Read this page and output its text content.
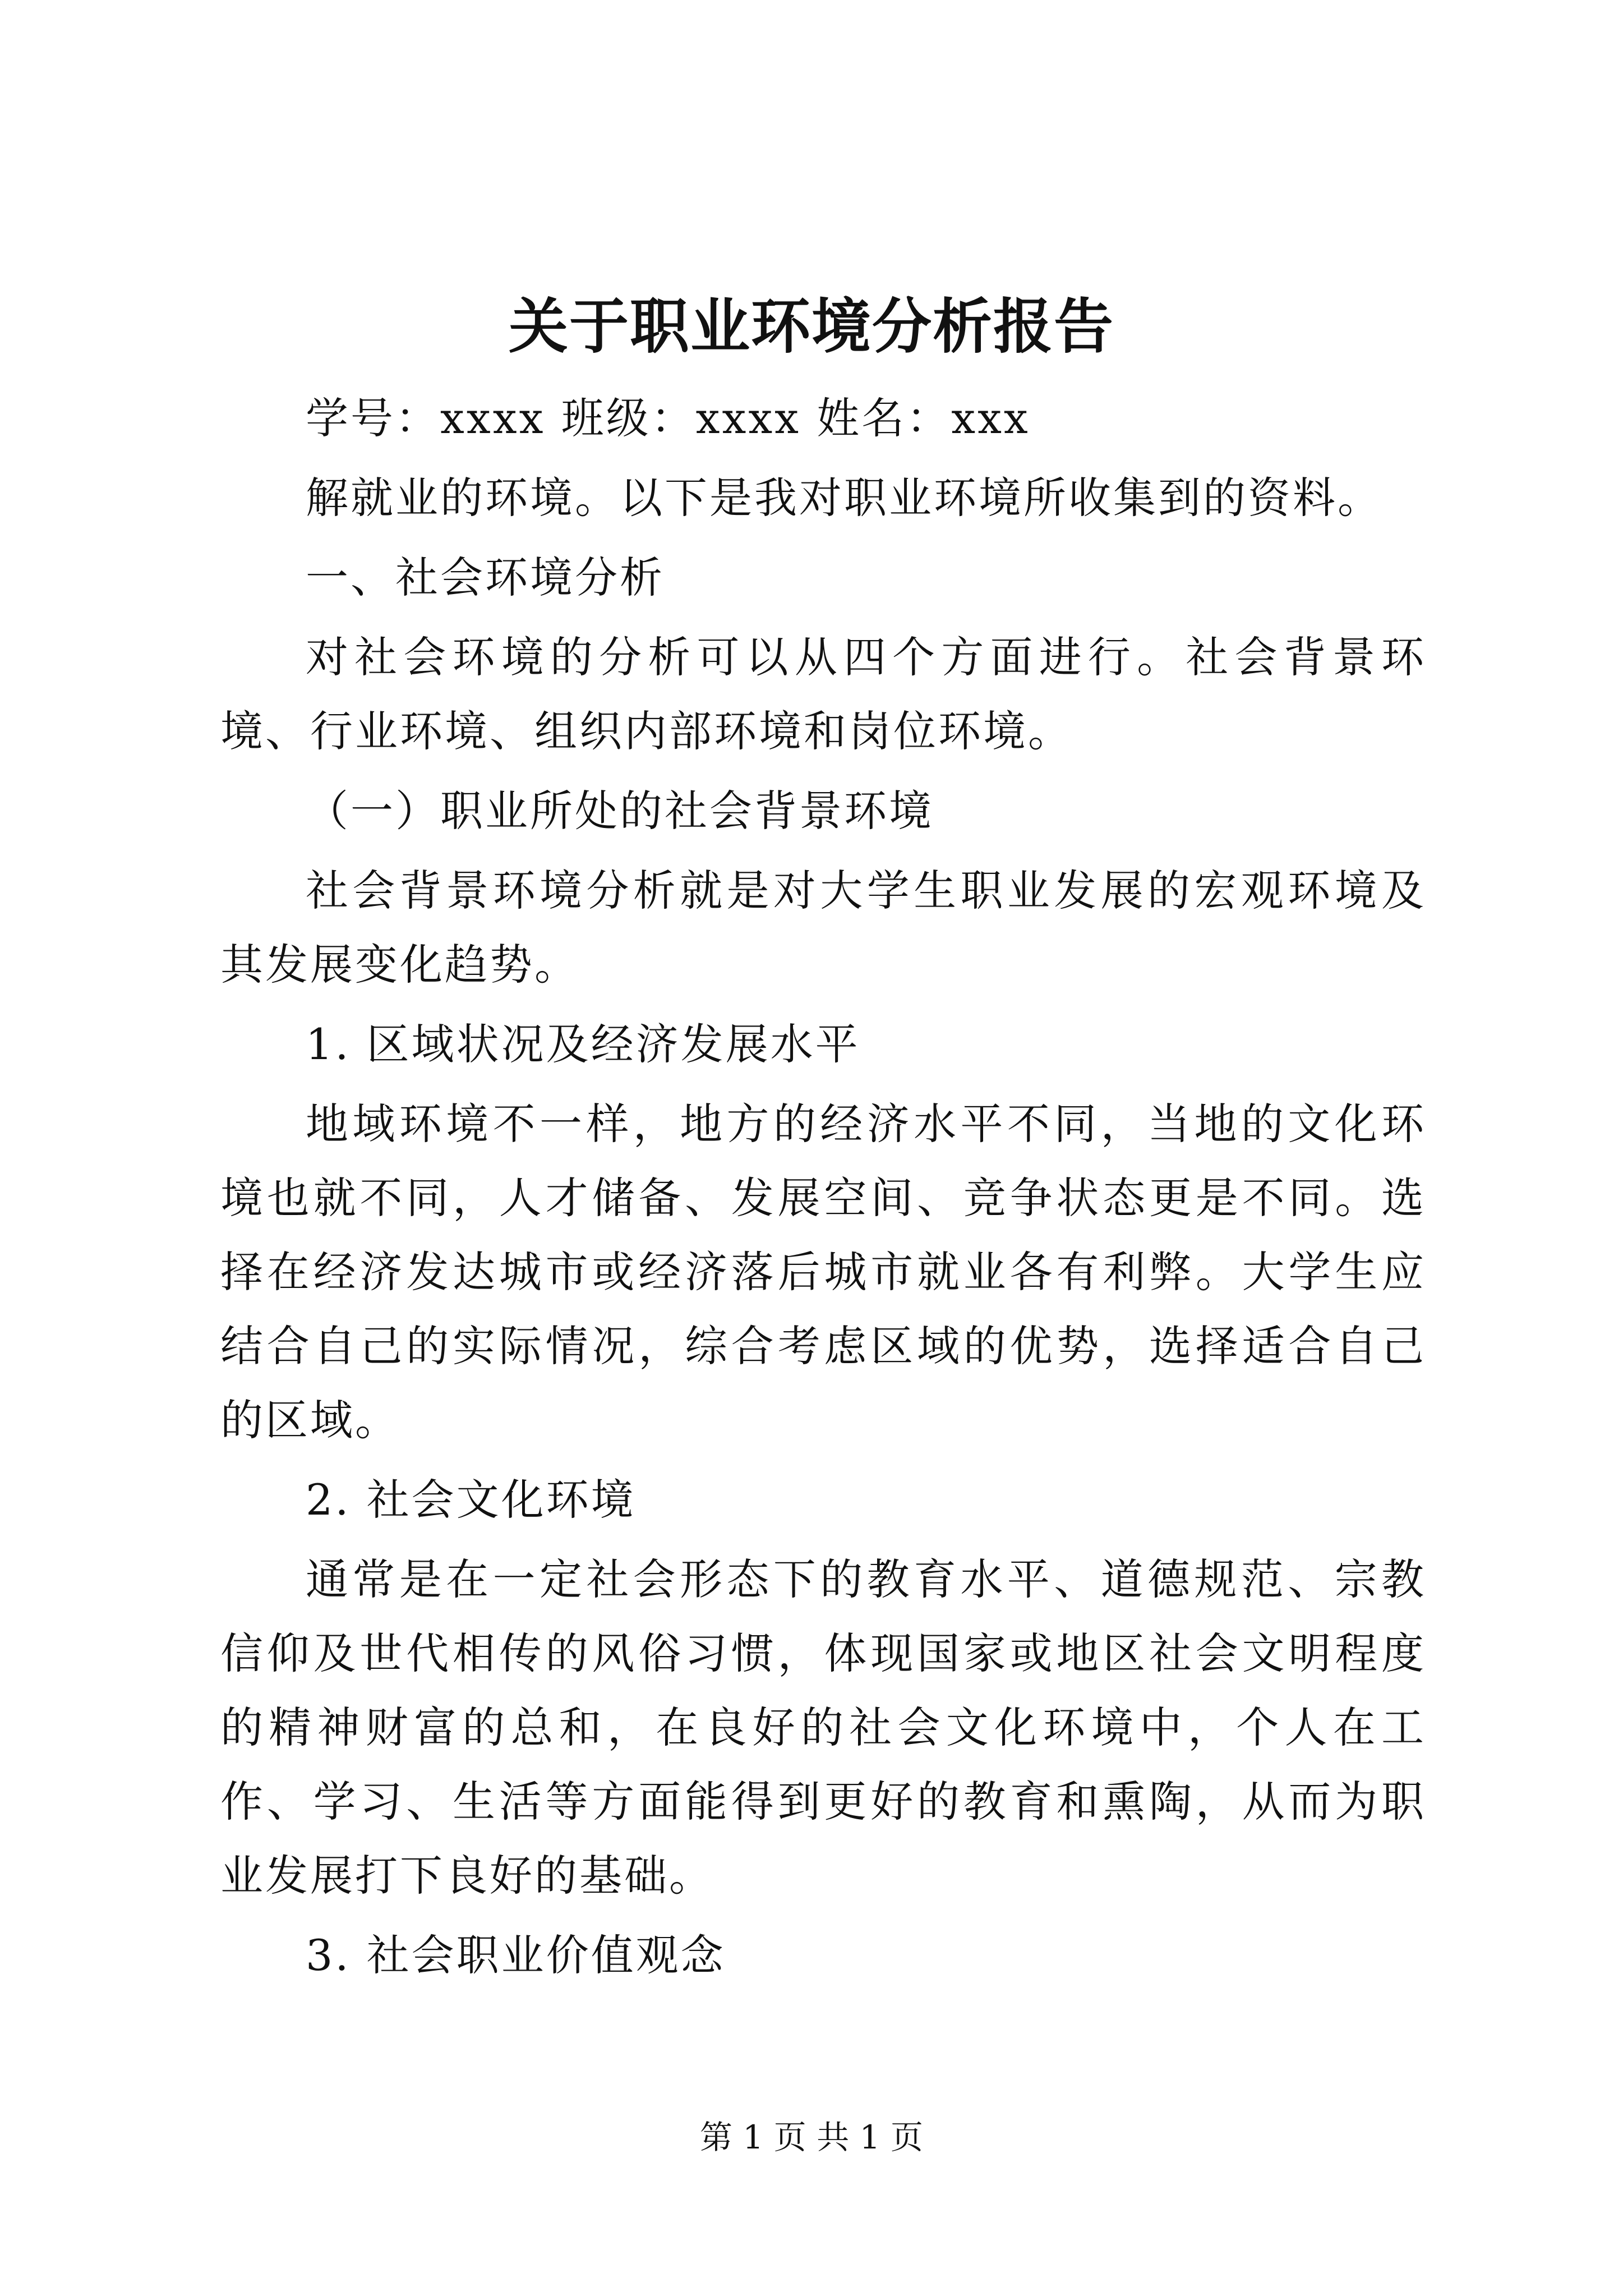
关于职业环境分析报告

学号：xxxx 班级：xxxx 姓名：xxx

解就业的环境。以下是我对职业环境所收集到的资料。

一、社会环境分析

对社会环境的分析可以从四个方面进行。社会背景环境、行业环境、组织内部环境和岗位环境。

（一）职业所处的社会背景环境

社会背景环境分析就是对大学生职业发展的宏观环境及其发展变化趋势。

1. 区域状况及经济发展水平

地域环境不一样，地方的经济水平不同，当地的文化环境也就不同，人才储备、发展空间、竞争状态更是不同。选择在经济发达城市或经济落后城市就业各有利弊。大学生应结合自己的实际情况，综合考虑区域的优势，选择适合自己的区域。

2. 社会文化环境

通常是在一定社会形态下的教育水平、道德规范、宗教信仰及世代相传的风俗习惯，体现国家或地区社会文明程度的精神财富的总和，在良好的社会文化环境中，个人在工作、学习、生活等方面能得到更好的教育和熏陶，从而为职业发展打下良好的基础。

3. 社会职业价值观念

第 1 页 共 1 页
